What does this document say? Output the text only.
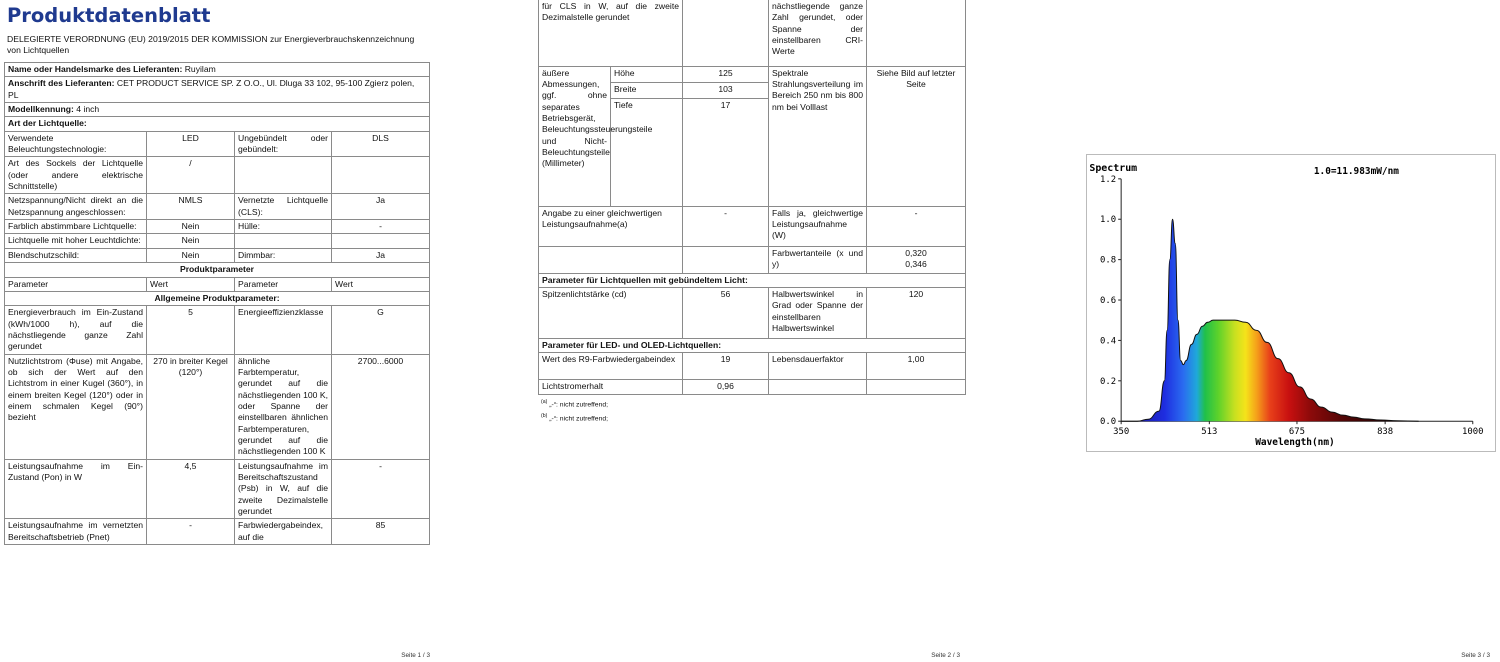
Produktdatenblatt
DELEGIERTE VERORDNUNG (EU) 2019/2015 DER KOMMISSION zur Energieverbrauchskennzeichnung von Lichtquellen
Name oder Handelsmarke des Lieferanten: Ruyilam			
Anschrift des Lieferanten: CET PRODUCT SERVICE SP. Z O.O., Ul. Dluga 33 102, 95-100 Zgierz polen, PL			
Modellkennung: 4 inch			
Art der Lichtquelle:			
Verwendete Beleuchtungstechnologie:	LED	Ungebündelt oder gebündelt:	DLS
Art des Sockels der Lichtquelle (oder andere elektrische Schnittstelle)	/		
Netzspannung/Nicht direkt an die Netzspannung angeschlossen:	NMLS	Vernetzte Lichtquelle (CLS):	Ja
Farblich abstimmbare Lichtquelle:	Nein	Hülle:	-
Lichtquelle mit hoher Leuchtdichte:	Nein		
Blendschutzschild:	Nein	Dimmbar:	Ja
Produktparameter			
Parameter	Wert	Parameter	Wert
Allgemeine Produktparameter:			
Energieverbrauch im Ein-Zustand (kWh/1000 h), auf die nächstliegende ganze Zahl gerundet	5	Energieeffizienzklasse	G
Nutzlichtstrom (Φuse) mit Angabe, ob sich der Wert auf den Lichtstrom in einer Kugel (360°), in einem breiten Kegel (120°) oder in einem schmalen Kegel (90°) bezieht	270 in breiter Kegel (120°)	ähnliche Farbtemperatur, gerundet auf die nächstliegenden 100 K, oder Spanne der einstellbaren ähnlichen Farbtemperaturen, gerundet auf die nächstliegenden 100 K	2700...6000
Leistungsaufnahme im Ein-Zustand (Pon) in W	4,5	Leistungsaufnahme im Bereitschaftszustand (Psb) in W, auf die zweite Dezimalstelle gerundet	-
Leistungsaufnahme im vernetzten Bereitschaftsbetrieb (Pnet)	-	Farbwiedergabeindex, auf die	85
Seite 1 / 3
für CLS in W, auf die zweite Dezimalstelle gerundet			nächstliegende ganze Zahl gerundet, oder Spanne der einstellbaren CRI-Werte	
äußere Abmessungen, ggf. ohne separates Betriebsgerät, Beleuchtungssteuerungsteile und Nicht-Beleuchtungsteile (Millimeter)	Höhe	125	Spektrale Strahlungsverteilung im Bereich 250 nm bis 800 nm bei Volllast	Siehe Bild auf letzter Seite
	Breite	103		
	Tiefe	17		
Angabe zu einer gleichwertigen Leistungsaufnahme(a)		-	Falls ja, gleichwertige Leistungsaufnahme (W)	-
			Farbwertanteile (x und y)	0,320
0,346

Parameter für Lichtquellen mit gebündeltem Licht:				
Spitzenlichtstärke (cd)		56	Halbwertswinkel in Grad oder Spanne der einstellbaren Halbwertswinkel	120
Parameter für LED- und OLED-Lichtquellen:				
Wert des R9-Farbwiedergabeindex		19	Lebensdauerfaktor	1,00
Lichtstromerhalt		0,96		
$^{(a)}$ „-“: nicht zutreffend;
$^{(b)}$ „-“: nicht zutreffend;
Seite 2 / 3
Spectrum	1.0=11.983mW/nm
Wavelength(nm)
0.0
0.2
0.4
0.6
0.8
1.0
1.2
350	513	675	838	1000
Seite 3 / 3
